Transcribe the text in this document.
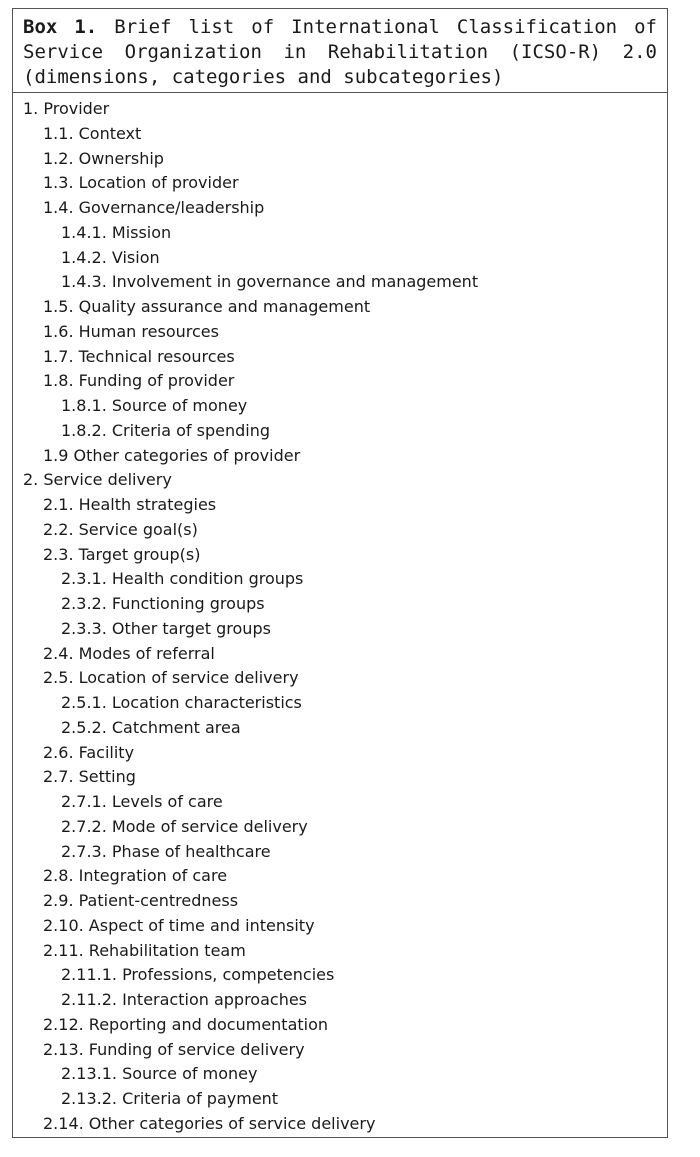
Box 1. Brief list of International Classification of Service Organization in Rehabilitation (ICSO-R) 2.0 (dimensions, categories and subcategories)
1. Provider
1.1. Context
1.2. Ownership
1.3. Location of provider
1.4. Governance/leadership
1.4.1. Mission
1.4.2. Vision
1.4.3. Involvement in governance and management
1.5. Quality assurance and management
1.6. Human resources
1.7. Technical resources
1.8. Funding of provider
1.8.1. Source of money
1.8.2. Criteria of spending
1.9 Other categories of provider
2. Service delivery
2.1. Health strategies
2.2. Service goal(s)
2.3. Target group(s)
2.3.1. Health condition groups
2.3.2. Functioning groups
2.3.3. Other target groups
2.4. Modes of referral
2.5. Location of service delivery
2.5.1. Location characteristics
2.5.2. Catchment area
2.6. Facility
2.7. Setting
2.7.1. Levels of care
2.7.2. Mode of service delivery
2.7.3. Phase of healthcare
2.8. Integration of care
2.9. Patient-centredness
2.10. Aspect of time and intensity
2.11. Rehabilitation team
2.11.1. Professions, competencies
2.11.2. Interaction approaches
2.12. Reporting and documentation
2.13. Funding of service delivery
2.13.1. Source of money
2.13.2. Criteria of payment
2.14. Other categories of service delivery
